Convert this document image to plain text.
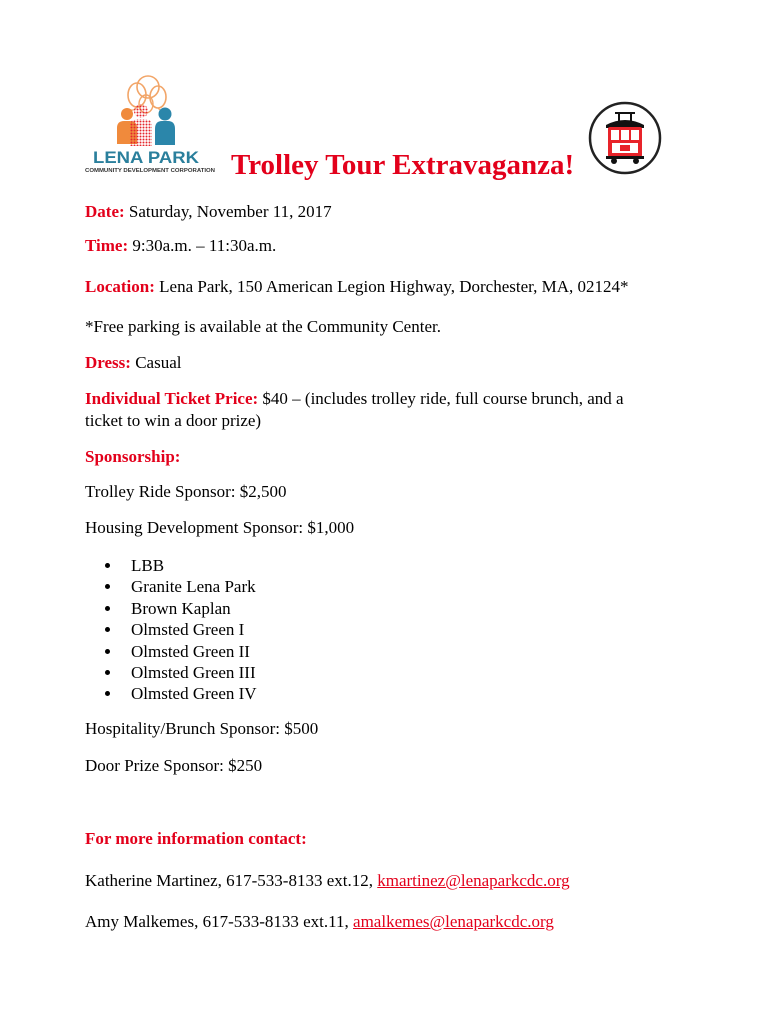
LENA PARK
COMMUNITY DEVELOPMENT CORPORATION Trolley Tour Extravaganza!
Date: Saturday, November 11, 2017
Time: 9:30a.m. – 11:30a.m.
Location: Lena Park, 150 American Legion Highway, Dorchester, MA, 02124*
*Free parking is available at the Community Center.
Dress: Casual
Individual Ticket Price: $40 – (includes trolley ride, full course brunch, and a
ticket to win a door prize)
Sponsorship:
Trolley Ride Sponsor: $2,500
Housing Development Sponsor: $1,000
LBB
Granite Lena Park
Brown Kaplan
Olmsted Green I
Olmsted Green II
Olmsted Green III
Olmsted Green IV
Hospitality/Brunch Sponsor: $500
Door Prize Sponsor: $250
For more information contact:
Katherine Martinez, 617-533-8133 ext.12, kmartinez@lenaparkcdc.org
Amy Malkemes, 617-533-8133 ext.11, amalkemes@lenaparkcdc.org
